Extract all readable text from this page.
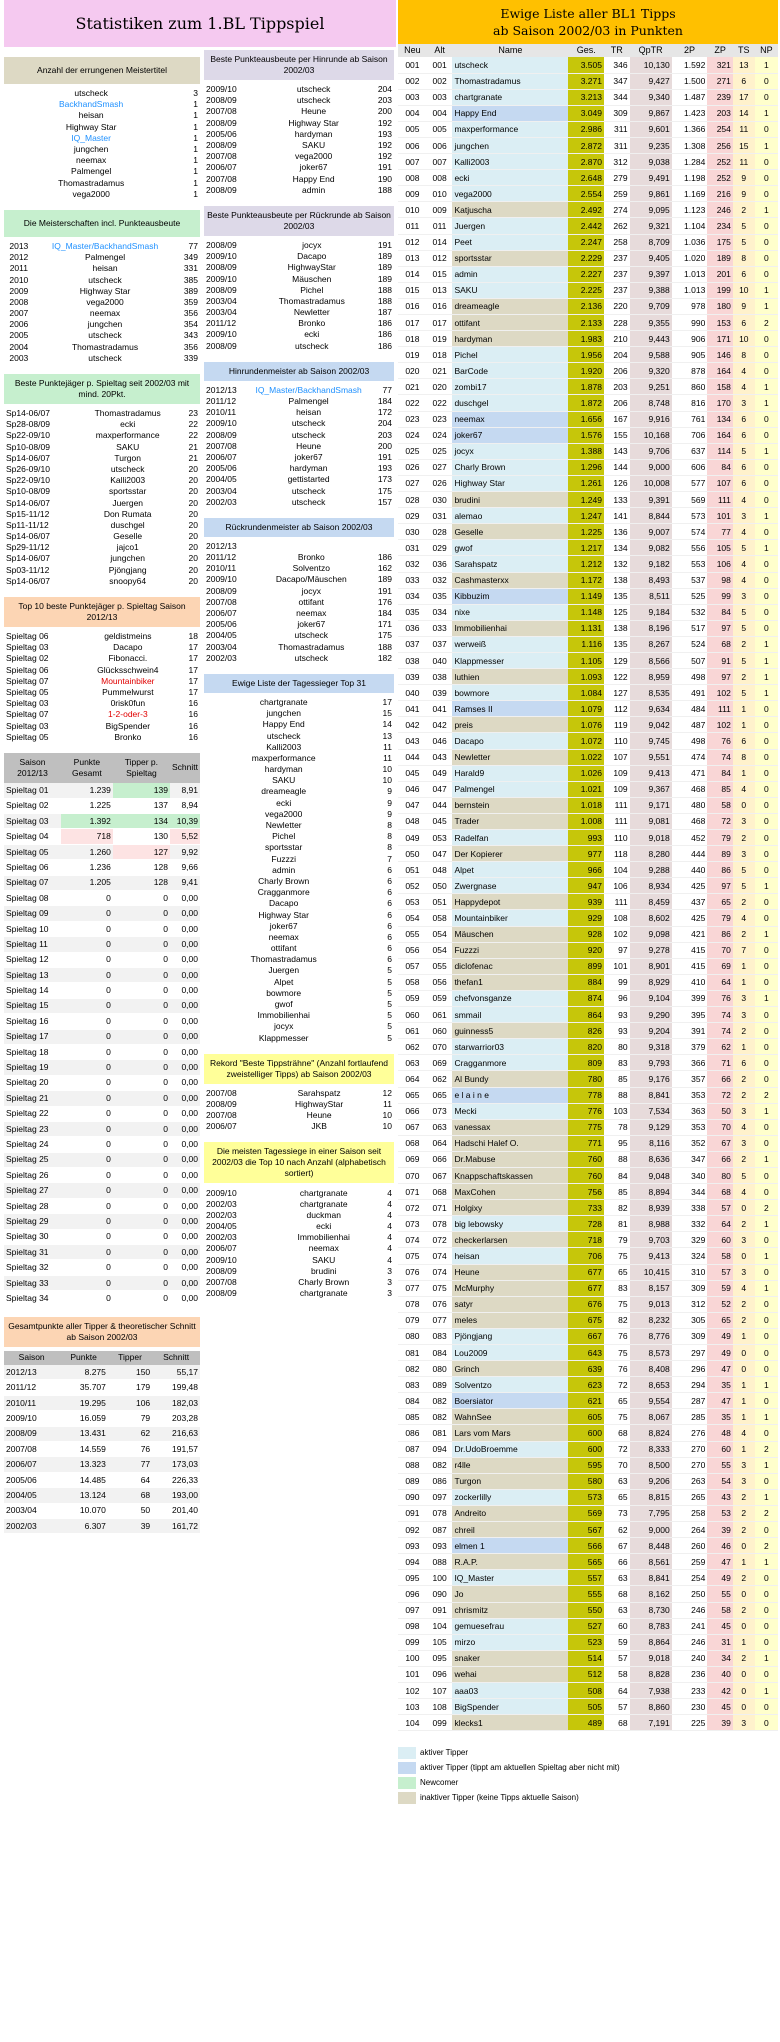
Statistiken zum 1.BL Tippspiel
Anzahl der errungenen Meistertitel
utscheck	3
BackhandSmash	1
heisan	1
Highway Star	1
IQ_Master	1
jungchen	1
neemax	1
Palmengel	1
Thomastradamus	1
vega2000	1
Die Meisterschaften incl. Punkteausbeute
2013	IQ_Master/BackhandSmash	77
2012	Palmengel	349
2011	heisan	331
2010	utscheck	385
2009	Highway Star	389
2008	vega2000	359
2007	neemax	356
2006	jungchen	354
2005	utscheck	343
2004	Thomastradamus	356
2003	utscheck	339
Beste Punktejäger p. Spieltag seit 2002/03 mit mind. 20Pkt.
Sp14-06/07	Thomastradamus	23
Sp28-08/09	ecki	22
Sp22-09/10	maxperformance	22
Sp10-08/09	SAKU	21
Sp14-06/07	Turgon	21
Sp26-09/10	utscheck	20
Sp22-09/10	Kalli2003	20
Sp10-08/09	sportsstar	20
Sp14-06/07	Juergen	20
Sp15-11/12	Don Rumata	20
Sp11-11/12	duschgel	20
Sp14-06/07	Geselle	20
Sp29-11/12	jajco1	20
Sp14-06/07	jungchen	20
Sp03-11/12	Pjöngjang	20
Sp14-06/07	snoopy64	20
Top 10 beste Punktejäger p. Spieltag Saison 2012/13
Spieltag 06	geldistmeins	18
Spieltag 03	Dacapo	17
Spieltag 02	Fibonacci.	17
Spieltag 06	Glücksschwein4	17
Spieltag 07	Mountainbiker	17
Spieltag 05	Pummelwurst	17
Spieltag 03	0risk0fun	16
Spieltag 07	1-2-oder-3	16
Spieltag 03	BigSpender	16
Spieltag 05	Bronko	16
Saison 2012/13	Punkte Gesamt	Tipper p. Spieltag	Schnitt
Spieltag 01	1.239	139	8,91
Spieltag 02	1.225	137	8,94
Spieltag 03	1.392	134	10,39
Spieltag 04	718	130	5,52
Spieltag 05	1.260	127	9,92
Spieltag 06	1.236	128	9,66
Spieltag 07	1.205	128	9,41
Spieltag 08	0	0	0,00
Spieltag 09	0	0	0,00
Spieltag 10	0	0	0,00
Spieltag 11	0	0	0,00
Spieltag 12	0	0	0,00
Spieltag 13	0	0	0,00
Spieltag 14	0	0	0,00
Spieltag 15	0	0	0,00
Spieltag 16	0	0	0,00
Spieltag 17	0	0	0,00
Spieltag 18	0	0	0,00
Spieltag 19	0	0	0,00
Spieltag 20	0	0	0,00
Spieltag 21	0	0	0,00
Spieltag 22	0	0	0,00
Spieltag 23	0	0	0,00
Spieltag 24	0	0	0,00
Spieltag 25	0	0	0,00
Spieltag 26	0	0	0,00
Spieltag 27	0	0	0,00
Spieltag 28	0	0	0,00
Spieltag 29	0	0	0,00
Spieltag 30	0	0	0,00
Spieltag 31	0	0	0,00
Spieltag 32	0	0	0,00
Spieltag 33	0	0	0,00
Spieltag 34	0	0	0,00
Gesamtpunkte aller Tipper & theoretischer Schnitt ab Saison 2002/03
Saison	Punkte	Tipper	Schnitt
2012/13	8.275	150	55,17
2011/12	35.707	179	199,48
2010/11	19.295	106	182,03
2009/10	16.059	79	203,28
2008/09	13.431	62	216,63
2007/08	14.559	76	191,57
2006/07	13.323	77	173,03
2005/06	14.485	64	226,33
2004/05	13.124	68	193,00
2003/04	10.070	50	201,40
2002/03	6.307	39	161,72
Beste Punkteausbeute per Hinrunde ab Saison 2002/03
2009/10	utscheck	204
2008/09	utscheck	203
2007/08	Heune	200
2008/09	Highway Star	192
2005/06	hardyman	193
2008/09	SAKU	192
2007/08	vega2000	192
2006/07	joker67	191
2007/08	Happy End	190
2008/09	admin	188
Beste Punkteausbeute per Rückrunde ab Saison 2002/03
2008/09	jocyx	191
2009/10	Dacapo	189
2008/09	HighwayStar	189
2009/10	Mäuschen	189
2008/09	Pichel	188
2003/04	Thomastradamus	188
2003/04	Newletter	187
2011/12	Bronko	186
2009/10	ecki	186
2008/09	utscheck	186
Hinrundenmeister ab Saison 2002/03
2012/13	IQ_Master/BackhandSmash	77
2011/12	Palmengel	184
2010/11	heisan	172
2009/10	utscheck	204
2008/09	utscheck	203
2007/08	Heune	200
2006/07	joker67	191
2005/06	hardyman	193
2004/05	gettistarted	173
2003/04	utscheck	175
2002/03	utscheck	157
Rückrundenmeister ab Saison 2002/03
2012/13		
2011/12	Bronko	186
2010/11	Solventzo	162
2009/10	Dacapo/Mäuschen	189
2008/09	jocyx	191
2007/08	ottifant	176
2006/07	neemax	184
2005/06	joker67	171
2004/05	utscheck	175
2003/04	Thomastradamus	188
2002/03	utscheck	182
Ewige Liste der Tagessieger Top 31
chartgranate	17
jungchen	15
Happy End	14
utscheck	13
Kalli2003	11
maxperformance	11
hardyman	10
SAKU	10
dreameagle	9
ecki	9
vega2000	9
Newletter	8
Pichel	8
sportsstar	8
Fuzzzi	7
admin	6
Charly Brown	6
Cragganmore	6
Dacapo	6
Highway Star	6
joker67	6
neemax	6
ottifant	6
Thomastradamus	6
Juergen	5
Alpet	5
bowmore	5
gwof	5
Immobilienhai	5
jocyx	5
Klappmesser	5
Rekord "Beste Tippsträhne" (Anzahl fortlaufend zweistelliger Tipps) ab Saison 2002/03
2007/08	Sarahspatz	12
2008/09	HighwayStar	11
2007/08	Heune	10
2006/07	JKB	10
Die meisten Tagessiege in einer Saison seit 2002/03 die Top 10 nach Anzahl (alphabetisch sortiert)
2009/10	chartgranate	4
2002/03	chartgranate	4
2002/03	duckman	4
2004/05	ecki	4
2002/03	Immobilienhai	4
2006/07	neemax	4
2009/10	SAKU	4
2008/09	brudini	3
2007/08	Charly Brown	3
2008/09	chartgranate	3
Ewige Liste aller BL1 Tipps
ab Saison 2002/03 in Punkten
Neu	Alt	Name	Ges.	TR	QpTR	2P	ZP	TS	NP
001	001	utscheck	3.505	346	10,130	1.592	321	13	1
002	002	Thomastradamus	3.271	347	9,427	1.500	271	6	0
003	003	chartgranate	3.213	344	9,340	1.487	239	17	0
004	004	Happy End	3.049	309	9,867	1.423	203	14	1
005	005	maxperformance	2.986	311	9,601	1.366	254	11	0
006	006	jungchen	2.872	311	9,235	1.308	256	15	1
007	007	Kalli2003	2.870	312	9,038	1.284	252	11	0
008	008	ecki	2.648	279	9,491	1.198	252	9	0
009	010	vega2000	2.554	259	9,861	1.169	216	9	0
010	009	Katjuscha	2.492	274	9,095	1.123	246	2	1
011	011	Juergen	2.442	262	9,321	1.104	234	5	0
012	014	Peet	2.247	258	8,709	1.036	175	5	0
013	012	sportsstar	2.229	237	9,405	1.020	189	8	0
014	015	admin	2.227	237	9,397	1.013	201	6	0
015	013	SAKU	2.225	237	9,388	1.013	199	10	1
016	016	dreameagle	2.136	220	9,709	978	180	9	1
017	017	ottifant	2.133	228	9,355	990	153	6	2
018	019	hardyman	1.983	210	9,443	906	171	10	0
019	018	Pichel	1.956	204	9,588	905	146	8	0
020	021	BarCode	1.920	206	9,320	878	164	4	0
021	020	zombi17	1.878	203	9,251	860	158	4	1
022	022	duschgel	1.872	206	8,748	816	170	3	1
023	023	neemax	1.656	167	9,916	761	134	6	0
024	024	joker67	1.576	155	10,168	706	164	6	0
025	025	jocyx	1.388	143	9,706	637	114	5	1
026	027	Charly Brown	1.296	144	9,000	606	84	6	0
027	026	Highway Star	1.261	126	10,008	577	107	6	0
028	030	brudini	1.249	133	9,391	569	111	4	0
029	031	alemao	1.247	141	8,844	573	101	3	1
030	028	Geselle	1.225	136	9,007	574	77	4	0
031	029	gwof	1.217	134	9,082	556	105	5	1
032	036	Sarahspatz	1.212	132	9,182	553	106	4	0
033	032	Cashmasterxx	1.172	138	8,493	537	98	4	0
034	035	Kibbuzim	1.149	135	8,511	525	99	3	0
035	034	nixe	1.148	125	9,184	532	84	5	0
036	033	Immobilienhai	1.131	138	8,196	517	97	5	0
037	037	werweiß	1.116	135	8,267	524	68	2	1
038	040	Klappmesser	1.105	129	8,566	507	91	5	1
039	038	luthien	1.093	122	8,959	498	97	2	1
040	039	bowmore	1.084	127	8,535	491	102	5	1
041	041	Ramses II	1.079	112	9,634	484	111	1	0
042	042	preis	1.076	119	9,042	487	102	1	0
043	046	Dacapo	1.072	110	9,745	498	76	6	0
044	043	Newletter	1.022	107	9,551	474	74	8	0
045	049	Harald9	1.026	109	9,413	471	84	1	0
046	047	Palmengel	1.021	109	9,367	468	85	4	0
047	044	bernstein	1.018	111	9,171	480	58	0	0
048	045	Trader	1.008	111	9,081	468	72	3	0
049	053	Radelfan	993	110	9,018	452	79	2	0
050	047	Der Kopierer	977	118	8,280	444	89	3	0
051	048	Alpet	966	104	9,288	440	86	5	0
052	050	Zwergnase	947	106	8,934	425	97	5	1
053	051	Happydepot	939	111	8,459	437	65	2	0
054	058	Mountainbiker	929	108	8,602	425	79	4	0
055	054	Mäuschen	928	102	9,098	421	86	2	1
056	054	Fuzzzi	920	97	9,278	415	70	7	0
057	055	diclofenac	899	101	8,901	415	69	1	0
058	056	thefan1	884	99	8,929	410	64	1	0
059	059	chefvonsganze	874	96	9,104	399	76	3	1
060	061	smmail	864	93	9,290	395	74	3	0
061	060	guinness5	826	93	9,204	391	74	2	0
062	070	starwarrior03	820	80	9,318	379	62	1	0
063	069	Cragganmore	809	83	9,793	366	71	6	0
064	062	Al Bundy	780	85	9,176	357	66	2	0
065	065	e l a i n e	778	88	8,841	353	72	2	2
066	073	Mecki	776	103	7,534	363	50	3	1
067	063	vanessax	775	78	9,129	353	70	4	0
068	064	Hadschi Halef O.	771	95	8,116	352	67	3	0
069	066	Dr.Mabuse	760	88	8,636	347	66	2	1
070	067	Knappschaftskassen	760	84	9,048	340	80	5	0
071	068	MaxCohen	756	85	8,894	344	68	4	0
072	071	Holgixy	733	82	8,939	338	57	0	2
073	078	big lebowsky	728	81	8,988	332	64	2	1
074	072	checkerlarsen	718	79	9,703	329	60	3	0
075	074	heisan	706	75	9,413	324	58	0	1
076	074	Heune	677	65	10,415	310	57	3	0
077	075	McMurphy	677	83	8,157	309	59	4	1
078	076	satyr	676	75	9,013	312	52	2	0
079	077	meles	675	82	8,232	305	65	2	0
080	083	Pjöngjang	667	76	8,776	309	49	1	0
081	084	Lou2009	643	75	8,573	297	49	0	0
082	080	Grinch	639	76	8,408	296	47	0	0
083	089	Solventzo	623	72	8,653	294	35	1	1
084	082	Boersiator	621	65	9,554	287	47	1	0
085	082	WahnSee	605	75	8,067	285	35	1	1
086	081	Lars vom Mars	600	68	8,824	276	48	4	0
087	094	Dr.UdoBroemme	600	72	8,333	270	60	1	2
088	082	r4lle	595	70	8,500	270	55	3	1
089	086	Turgon	580	63	9,206	263	54	3	0
090	097	zockerlilly	573	65	8,815	265	43	2	1
091	078	Andreito	569	73	7,795	258	53	2	2
092	087	chreil	567	62	9,000	264	39	2	0
093	093	elmen 1	566	67	8,448	260	46	0	2
094	088	R.A.P.	565	66	8,561	259	47	1	1
095	100	IQ_Master	557	63	8,841	254	49	2	0
096	090	Jo	555	68	8,162	250	55	0	0
097	091	chrismitz	550	63	8,730	246	58	2	0
098	104	gemuesefrau	527	60	8,783	241	45	0	0
099	105	mirzo	523	59	8,864	246	31	1	0
100	095	snaker	514	57	9,018	240	34	2	1
101	096	wehai	512	58	8,828	236	40	0	0
102	107	aaa03	508	64	7,938	233	42	0	1
103	108	BigSpender	505	57	8,860	230	45	0	0
104	099	klecks1	489	68	7,191	225	39	3	0
aktiver Tipper
aktiver Tipper (tippt am aktuellen Spieltag aber nicht mit)
Newcomer
inaktiver Tipper (keine Tipps aktuelle Saison)
